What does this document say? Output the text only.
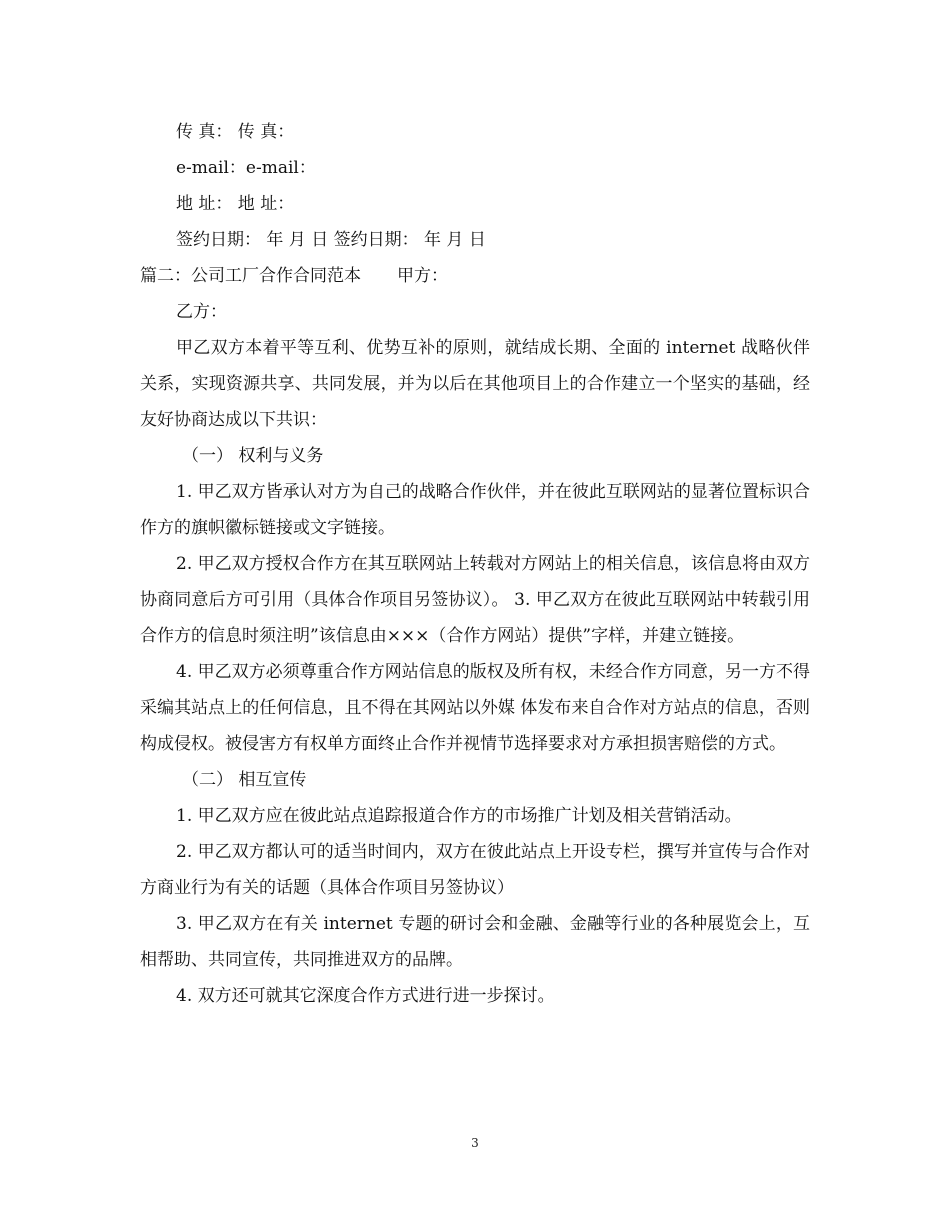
传 真： 传 真：
e-mail：e-mail：
地 址： 地 址：
签约日期： 年 月 日 签约日期： 年 月 日
篇二：公司工厂合作合同范本 甲方：
乙方：
甲乙双方本着平等互利、优势互补的原则，就结成长期、全面的 internet 战略伙伴关系，实现资源共享、共同发展，并为以后在其他项目上的合作建立一个坚实的基础，经友好协商达成以下共识：
（一） 权利与义务
1. 甲乙双方皆承认对方为自己的战略合作伙伴，并在彼此互联网站的显著位置标识合作方的旗帜徽标链接或文字链接。
2. 甲乙双方授权合作方在其互联网站上转载对方网站上的相关信息，该信息将由双方协商同意后方可引用（具体合作项目另签协议）。 3. 甲乙双方在彼此互联网站中转载引用合作方的信息时须注明”该信息由×××（合作方网站）提供”字样，并建立链接。
4. 甲乙双方必须尊重合作方网站信息的版权及所有权，未经合作方同意，另一方不得采编其站点上的任何信息，且不得在其网站以外媒 体发布来自合作对方站点的信息，否则构成侵权。被侵害方有权单方面终止合作并视情节选择要求对方承担损害赔偿的方式。
（二） 相互宣传
1. 甲乙双方应在彼此站点追踪报道合作方的市场推广计划及相关营销活动。
2. 甲乙双方都认可的适当时间内，双方在彼此站点上开设专栏，撰写并宣传与合作对方商业行为有关的话题（具体合作项目另签协议）
3. 甲乙双方在有关 internet 专题的研讨会和金融、金融等行业的各种展览会上，互相帮助、共同宣传，共同推进双方的品牌。
4. 双方还可就其它深度合作方式进行进一步探讨。
3
